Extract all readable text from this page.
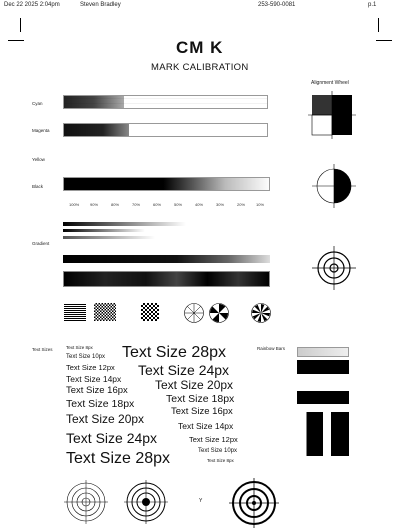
Dec 22 2025 2:04pm	Steven Bradley	253-590-0081	p.1
CM K
MARK CALIBRATION
Alignment Wheel
Cyan
Magenta
Yellow
Black
Gradient
100%	90%	80%	70%	60%	50%	40%	30%	20%	10%
Text Sizes	Text Size 8px
Text Size 10px
Text Size 12px
Text Size 14px
Text Size 16px
Text Size 18px
Text Size 20px
Text Size 24px
Text Size 28px
Text Size 28px
Text Size 24px
Text Size 20px
Text Size 18px
Text Size 16px
Text Size 14px
Text Size 12px
Text Size 10px
Text Size 8px
Rainbow Bars
Y
